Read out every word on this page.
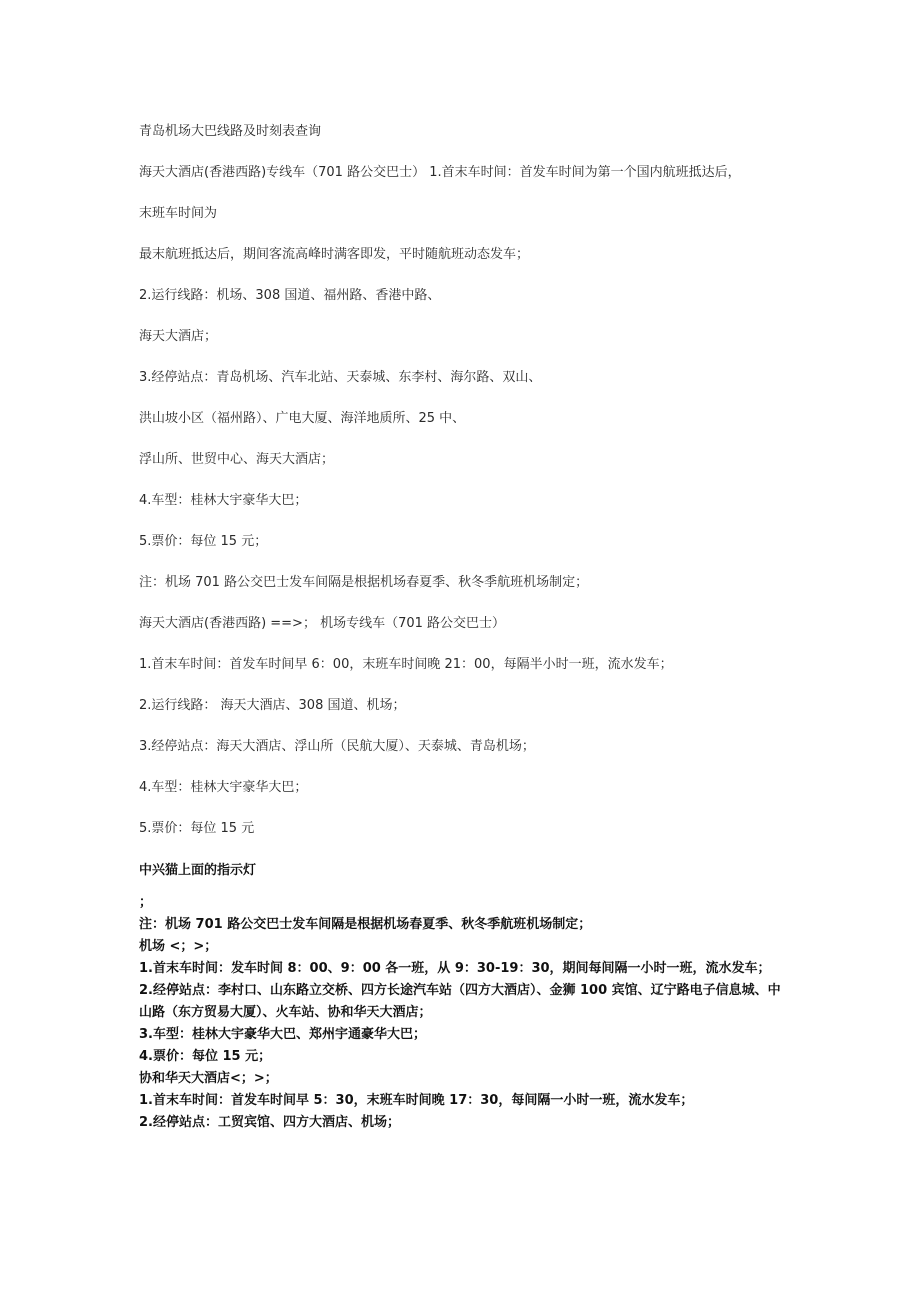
青岛机场大巴线路及时刻表查询

海天大酒店(香港西路)专线车（701 路公交巴士） 1.首末车时间：首发车时间为第一个国内航班抵达后，

末班车时间为

最末航班抵达后，期间客流高峰时满客即发，平时随航班动态发车；

2.运行线路：机场、308 国道、福州路、香港中路、

海天大酒店；

3.经停站点：青岛机场、汽车北站、天泰城、东李村、海尔路、双山、

洪山坡小区（福州路）、广电大厦、海洋地质所、25 中、

浮山所、世贸中心、海天大酒店；

4.车型：桂林大宇豪华大巴；

5.票价：每位 15 元；

注：机场 701 路公交巴士发车间隔是根据机场春夏季、秋冬季航班机场制定；

海天大酒店(香港西路) ==>； 机场专线车（701 路公交巴士）

1.首末车时间：首发车时间早 6：00，末班车时间晚 21：00，每隔半小时一班，流水发车；

2.运行线路： 海天大酒店、308 国道、机场；

3.经停站点：海天大酒店、浮山所（民航大厦）、天泰城、青岛机场；

4.车型：桂林大宇豪华大巴；

5.票价：每位 15 元

中兴猫上面的指示灯

；

注：机场 701 路公交巴士发车间隔是根据机场春夏季、秋冬季航班机场制定；

机场 <；>；

1.首末车时间：发车时间 8：00、9：00 各一班，从 9：30-19：30，期间每间隔一小时一班，流水发车；

2.经停站点：李村口、山东路立交桥、四方长途汽车站（四方大酒店）、金狮 100 宾馆、辽宁路电子信息城、中山路（东方贸易大厦）、火车站、协和华天大酒店；

3.车型：桂林大宇豪华大巴、郑州宇通豪华大巴；

4.票价：每位 15 元；

协和华天大酒店<；>；

1.首末车时间：首发车时间早 5：30，末班车时间晚 17：30，每间隔一小时一班，流水发车；

2.经停站点：工贸宾馆、四方大酒店、机场；
